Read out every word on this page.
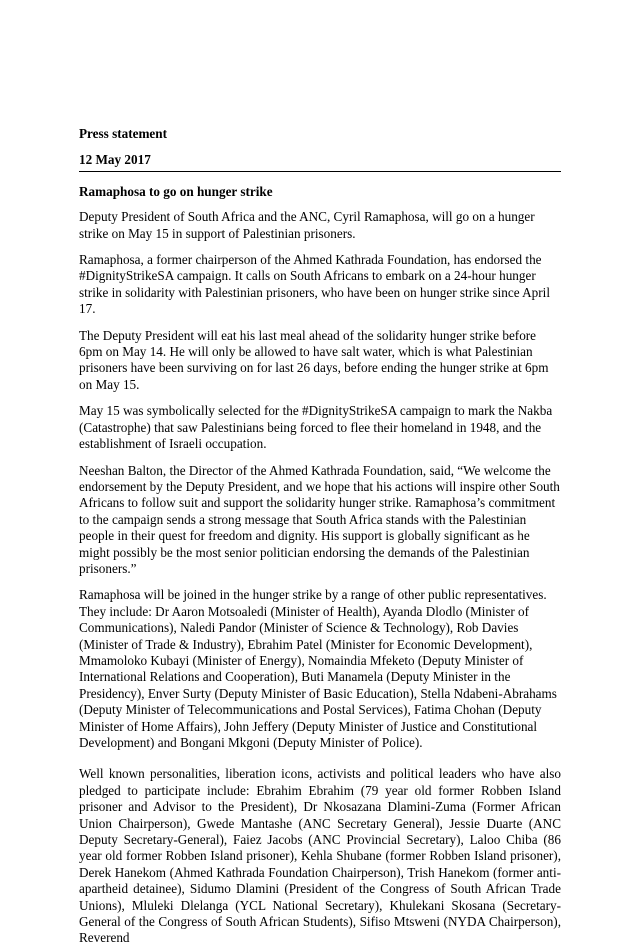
Press statement

12 May 2017

Ramaphosa to go on hunger strike

Deputy President of South Africa and the ANC, Cyril Ramaphosa, will go on a hunger strike on May 15 in support of Palestinian prisoners.

Ramaphosa, a former chairperson of the Ahmed Kathrada Foundation, has endorsed the #DignityStrikeSA campaign. It calls on South Africans to embark on a 24-hour hunger strike in solidarity with Palestinian prisoners, who have been on hunger strike since April 17.

The Deputy President will eat his last meal ahead of the solidarity hunger strike before 6pm on May 14. He will only be allowed to have salt water, which is what Palestinian prisoners have been surviving on for last 26 days, before ending the hunger strike at 6pm on May 15.

May 15 was symbolically selected for the #DignityStrikeSA campaign to mark the Nakba (Catastrophe) that saw Palestinians being forced to flee their homeland in 1948, and the establishment of Israeli occupation.

Neeshan Balton, the Director of the Ahmed Kathrada Foundation, said, “We welcome the endorsement by the Deputy President, and we hope that his actions will inspire other South Africans to follow suit and support the solidarity hunger strike. Ramaphosa’s commitment to the campaign sends a strong message that South Africa stands with the Palestinian people in their quest for freedom and dignity. His support is globally significant as he might possibly be the most senior politician endorsing the demands of the Palestinian prisoners.”

Ramaphosa will be joined in the hunger strike by a range of other public representatives. They include: Dr Aaron Motsoaledi (Minister of Health), Ayanda Dlodlo (Minister of Communications), Naledi Pandor (Minister of Science & Technology), Rob Davies (Minister of Trade & Industry), Ebrahim Patel (Minister for Economic Development), Mmamoloko Kubayi (Minister of Energy), Nomaindia Mfeketo (Deputy Minister of International Relations and Cooperation), Buti Manamela (Deputy Minister in the Presidency), Enver Surty (Deputy Minister of Basic Education), Stella Ndabeni-Abrahams (Deputy Minister of Telecommunications and Postal Services), Fatima Chohan (Deputy Minister of Home Affairs), John Jeffery (Deputy Minister of Justice and Constitutional Development) and Bongani Mkgoni (Deputy Minister of Police).

Well known personalities, liberation icons, activists and political leaders who have also pledged to participate include: Ebrahim Ebrahim (79 year old former Robben Island prisoner and Advisor to the President), Dr Nkosazana Dlamini-Zuma (Former African Union Chairperson), Gwede Mantashe (ANC Secretary General), Jessie Duarte (ANC Deputy Secretary-General), Faiez Jacobs (ANC Provincial Secretary), Laloo Chiba (86 year old former Robben Island prisoner), Kehla Shubane (former Robben Island prisoner), Derek Hanekom (Ahmed Kathrada Foundation Chairperson), Trish Hanekom (former anti-apartheid detainee), Sidumo Dlamini (President of the Congress of South African Trade Unions), Mluleki Dlelanga (YCL National Secretary), Khulekani Skosana (Secretary-General of the Congress of South African Students), Sifiso Mtsweni (NYDA Chairperson), Reverend
